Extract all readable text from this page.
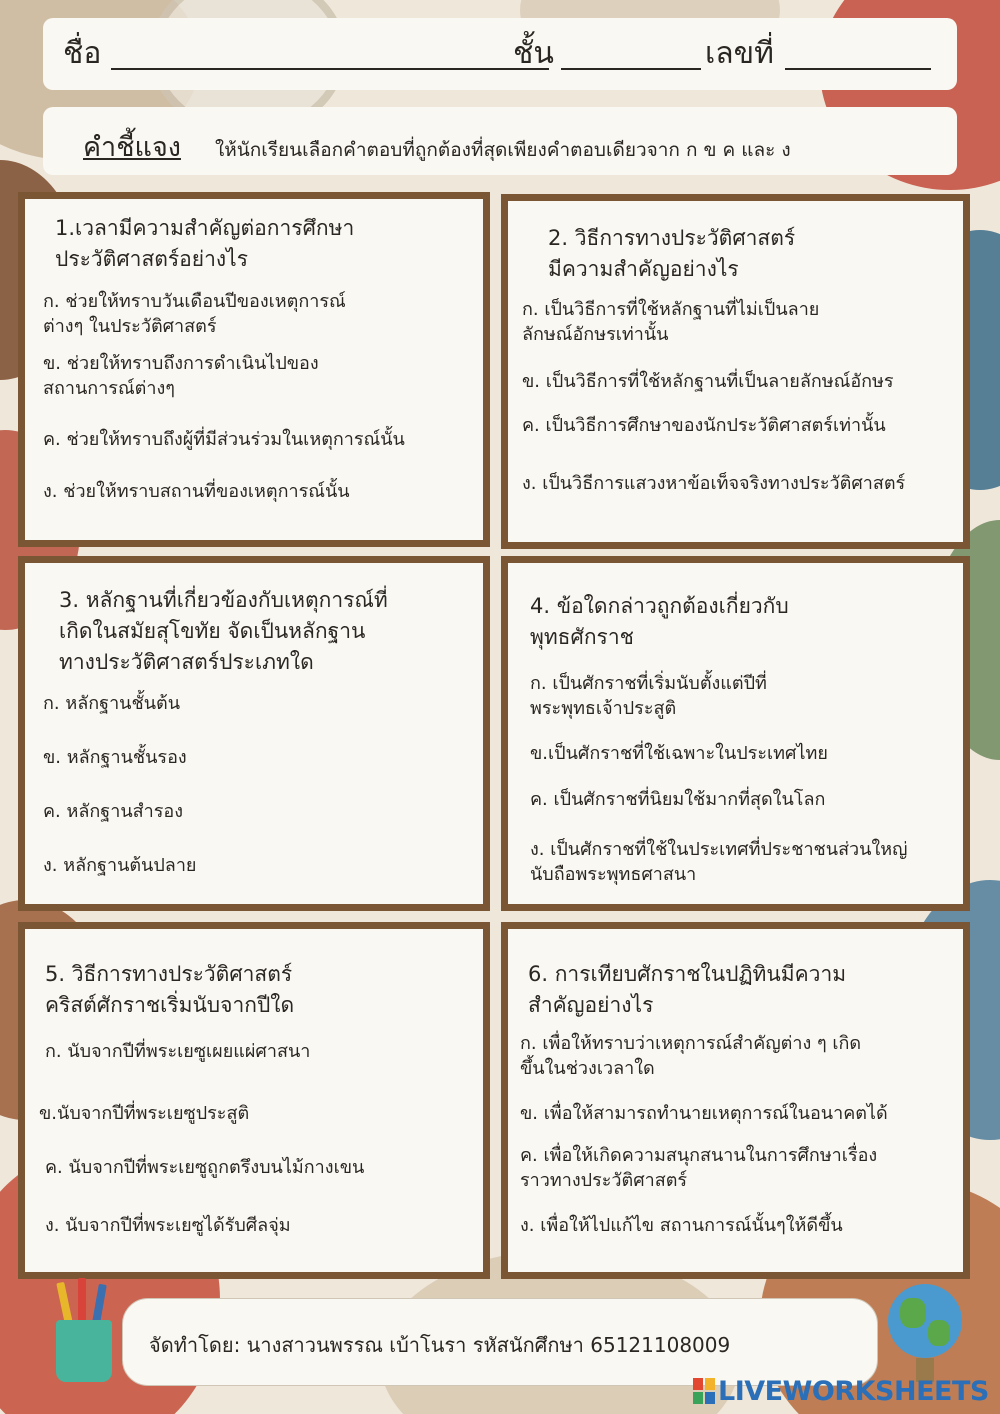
ชื่อ	ชั้น	เลขที่
คำชี้แจง ให้นักเรียนเลือกคำตอบที่ถูกต้องที่สุดเพียงคำตอบเดียวจาก ก ข ค และ ง
1.เวลามีความสำคัญต่อการศึกษา
ประวัติศาสตร์อย่างไร
ก. ช่วยให้ทราบวันเดือนปีของเหตุการณ์
ต่างๆ ในประวัติศาสตร์
ข. ช่วยให้ทราบถึงการดำเนินไปของ
สถานการณ์ต่างๆ
ค. ช่วยให้ทราบถึงผู้ที่มีส่วนร่วมในเหตุการณ์นั้น
ง. ช่วยให้ทราบสถานที่ของเหตุการณ์นั้น
2. วิธีการทางประวัติศาสตร์
มีความสำคัญอย่างไร
ก. เป็นวิธีการที่ใช้หลักฐานที่ไม่เป็นลาย
ลักษณ์อักษรเท่านั้น
ข. เป็นวิธีการที่ใช้หลักฐานที่เป็นลายลักษณ์อักษร
ค. เป็นวิธีการศึกษาของนักประวัติศาสตร์เท่านั้น
ง. เป็นวิธีการแสวงหาข้อเท็จจริงทางประวัติศาสตร์
3. หลักฐานที่เกี่ยวข้องกับเหตุการณ์ที่
เกิดในสมัยสุโขทัย จัดเป็นหลักฐาน
ทางประวัติศาสตร์ประเภทใด
ก. หลักฐานชั้นต้น
ข. หลักฐานชั้นรอง
ค. หลักฐานสำรอง
ง. หลักฐานต้นปลาย
4. ข้อใดกล่าวถูกต้องเกี่ยวกับ
พุทธศักราช
ก. เป็นศักราชที่เริ่มนับตั้งแต่ปีที่
พระพุทธเจ้าประสูติ
ข.เป็นศักราชที่ใช้เฉพาะในประเทศไทย
ค. เป็นศักราชที่นิยมใช้มากที่สุดในโลก
ง. เป็นศักราชที่ใช้ในประเทศที่ประชาชนส่วนใหญ่
นับถือพระพุทธศาสนา
5. วิธีการทางประวัติศาสตร์
คริสต์ศักราชเริ่มนับจากปีใด
ก. นับจากปีที่พระเยซูเผยแผ่ศาสนา
ข.นับจากปีที่พระเยซูประสูติ
ค. นับจากปีที่พระเยซูถูกตรึงบนไม้กางเขน
ง. นับจากปีที่พระเยซูได้รับศีลจุ่ม
6. การเทียบศักราชในปฏิทินมีความ
สำคัญอย่างไร
ก. เพื่อให้ทราบว่าเหตุการณ์สำคัญต่าง ๆ เกิด
ขึ้นในช่วงเวลาใด
ข. เพื่อให้สามารถทำนายเหตุการณ์ในอนาคตได้
ค. เพื่อให้เกิดความสนุกสนานในการศึกษาเรื่อง
ราวทางประวัติศาสตร์
ง. เพื่อให้ไปแก้ไข สถานการณ์นั้นๆให้ดีขึ้น
จัดทำโดย: นางสาวนพรรณ เบ้าโนรา รหัสนักศึกษา 65121108009
LIVEWORKSHEETS
